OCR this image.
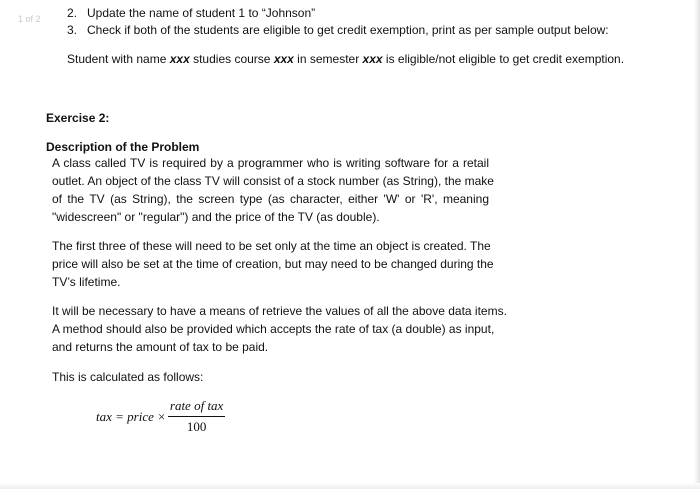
1 of 2 2. Update the name of student 1 to “Johnson”
3. Check if both of the students are eligible to get credit exemption, print as per sample output below:
Student with name xxx studies course xxx in semester xxx is eligible/not eligible to get credit exemption.
Exercise 2:
Description of the Problem
A class called TV is required by a programmer who is writing software for a retail
outlet. An object of the class TV will consist of a stock number (as String), the make
of the TV (as String), the screen type (as character, either 'W' or 'R', meaning
"widescreen" or "regular") and the price of the TV (as double).
The first three of these will need to be set only at the time an object is created. The
price will also be set at the time of creation, but may need to be changed during the
TV’s lifetime.
It will be necessary to have a means of retrieve the values of all the above data items.
A method should also be provided which accepts the rate of tax (a double) as input,
and returns the amount of tax to be paid.
This is calculated as follows:
tax = price × $\frac{\text{rate of tax}}{100}$
